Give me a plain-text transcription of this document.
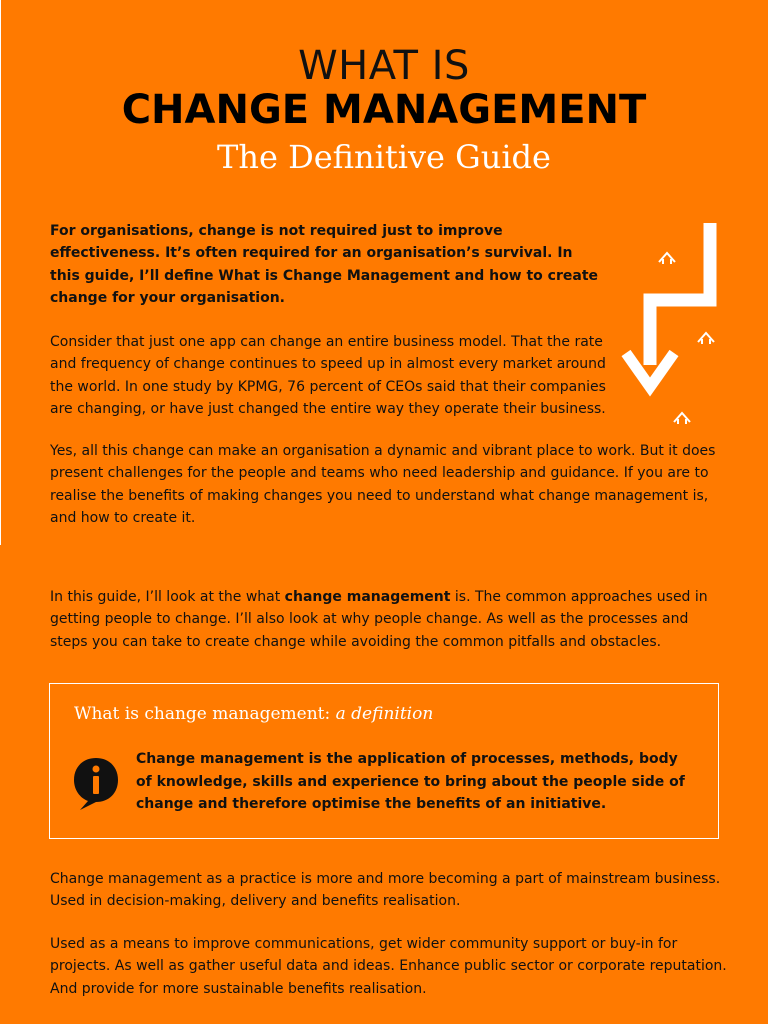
WHAT IS
CHANGE MANAGEMENT
The Definitive Guide
For organisations, change is not required just to improve effectiveness. It’s often required for an organisation’s survival. In this guide, I’ll define What is Change Management and how to create change for your organisation.
Consider that just one app can change an entire business model. That the rate and frequency of change continues to speed up in almost every market around the world. In one study by KPMG, 76 percent of CEOs said that their companies are changing, or have just changed the entire way they operate their business.
Yes, all this change can make an organisation a dynamic and vibrant place to work. But it does present challenges for the people and teams who need leadership and guidance. If you are to realise the benefits of making changes you need to understand what change management is, and how to create it.
In this guide, I’ll look at the what change management is. The common approaches used in getting people to change. I’ll also look at why people change. As well as the processes and steps you can take to create change while avoiding the common pitfalls and obstacles.
What is change management: a definition
Change management is the application of processes, methods, body of knowledge, skills and experience to bring about the people side of change and therefore optimise the benefits of an initiative.
Change management as a practice is more and more becoming a part of mainstream business. Used in decision-making, delivery and benefits realisation.
Used as a means to improve communications, get wider community support or buy-in for projects. As well as gather useful data and ideas. Enhance public sector or corporate reputation. And provide for more sustainable benefits realisation.
